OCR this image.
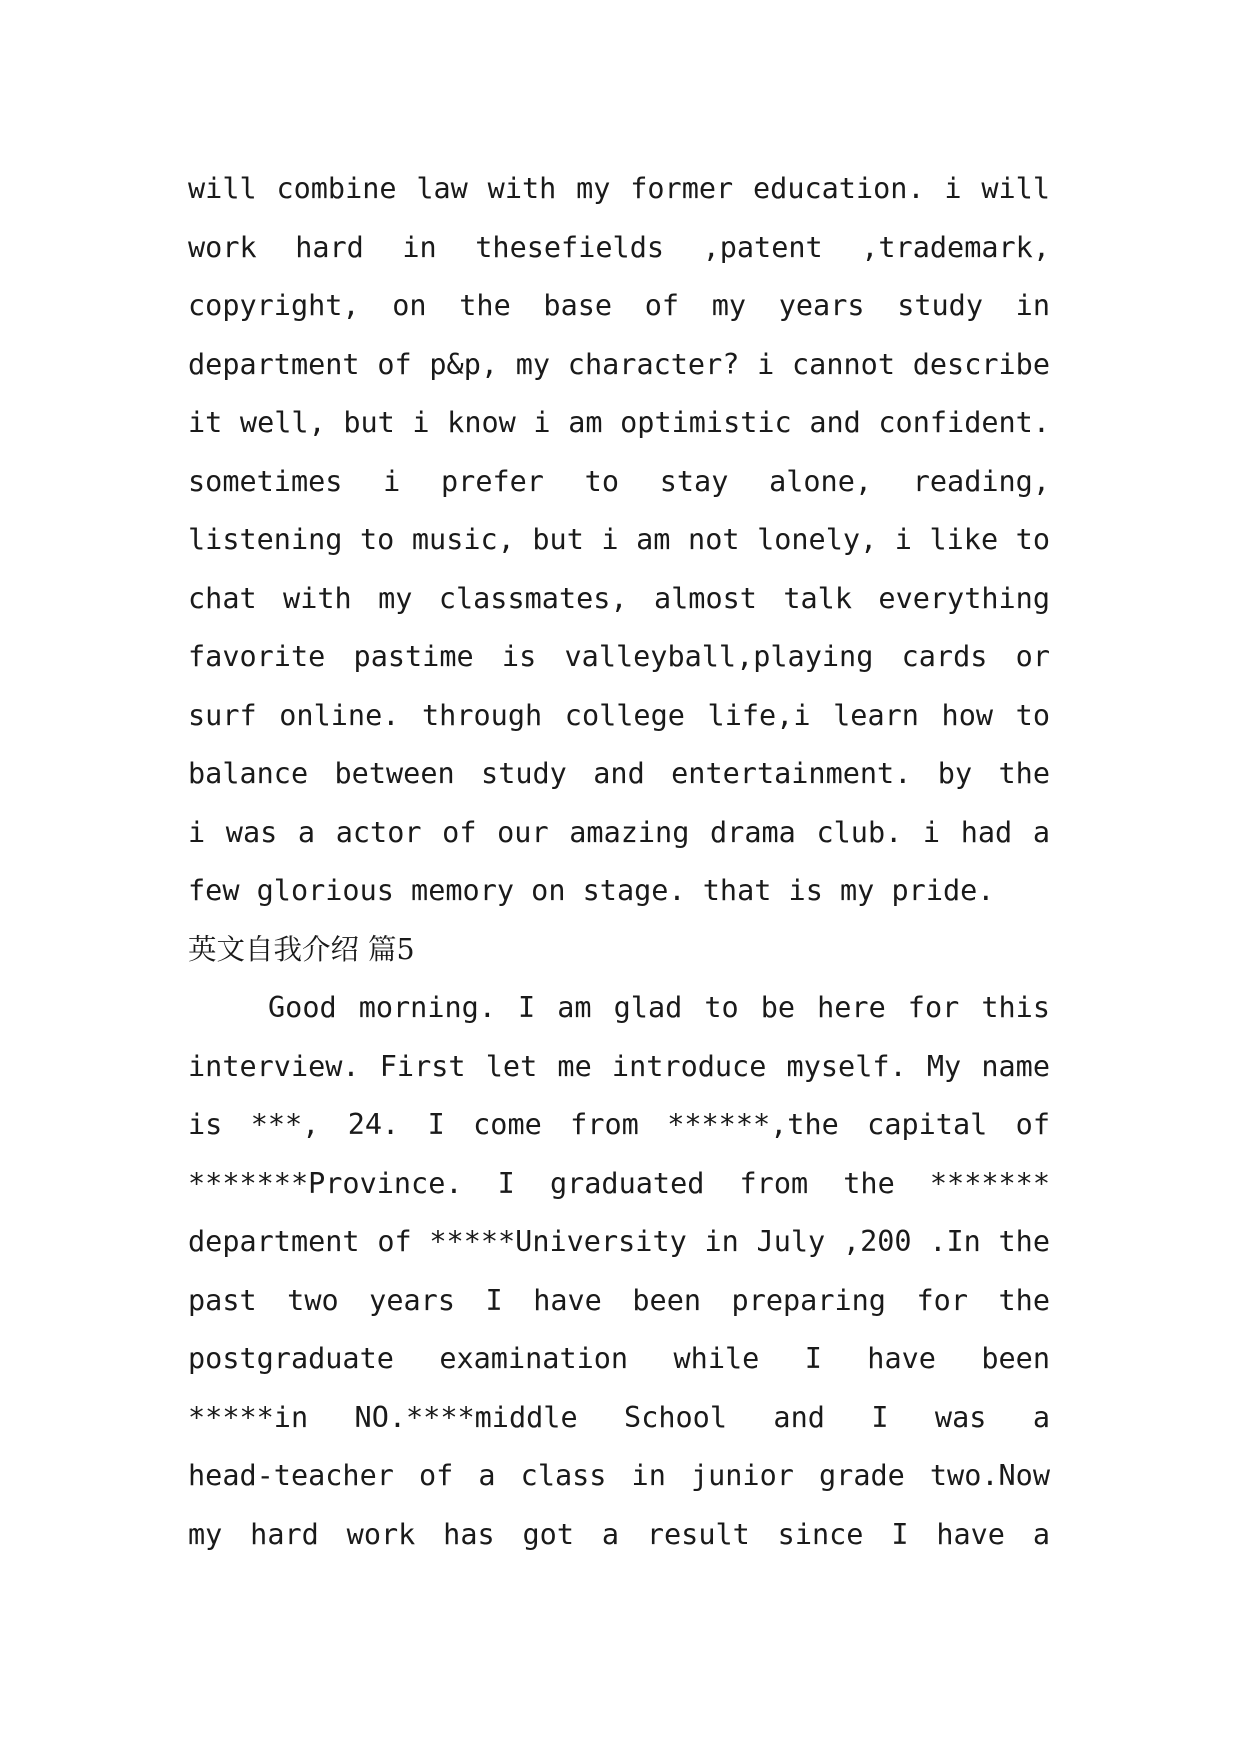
will combine law with my former education. i will
work hard in thesefields ,patent ,trademark,
copyright, on the base of my years study in
department of p&p, my character? i cannot describe
it well, but i know i am optimistic and confident.
sometimes i prefer to stay alone, reading,
listening to music, but i am not lonely, i like to
chat with my classmates, almost talk everything
favorite pastime is valleyball,playing cards or
surf online. through college life,i learn how to
balance between study and entertainment. by the
i was a actor of our amazing drama club. i had a
few glorious memory on stage. that is my pride.
英文自我介绍 篇5
Good morning. I am glad to be here for this
interview. First let me introduce myself. My name
is ***, 24. I come from ******,the capital of
*******Province. I graduated from the *******
department of *****University in July ,200 .In the
past two years I have been preparing for the
postgraduate examination while I have been
*****in NO.****middle School and I was a
head-teacher of a class in junior grade two.Now
my hard work has got a result since I have a
